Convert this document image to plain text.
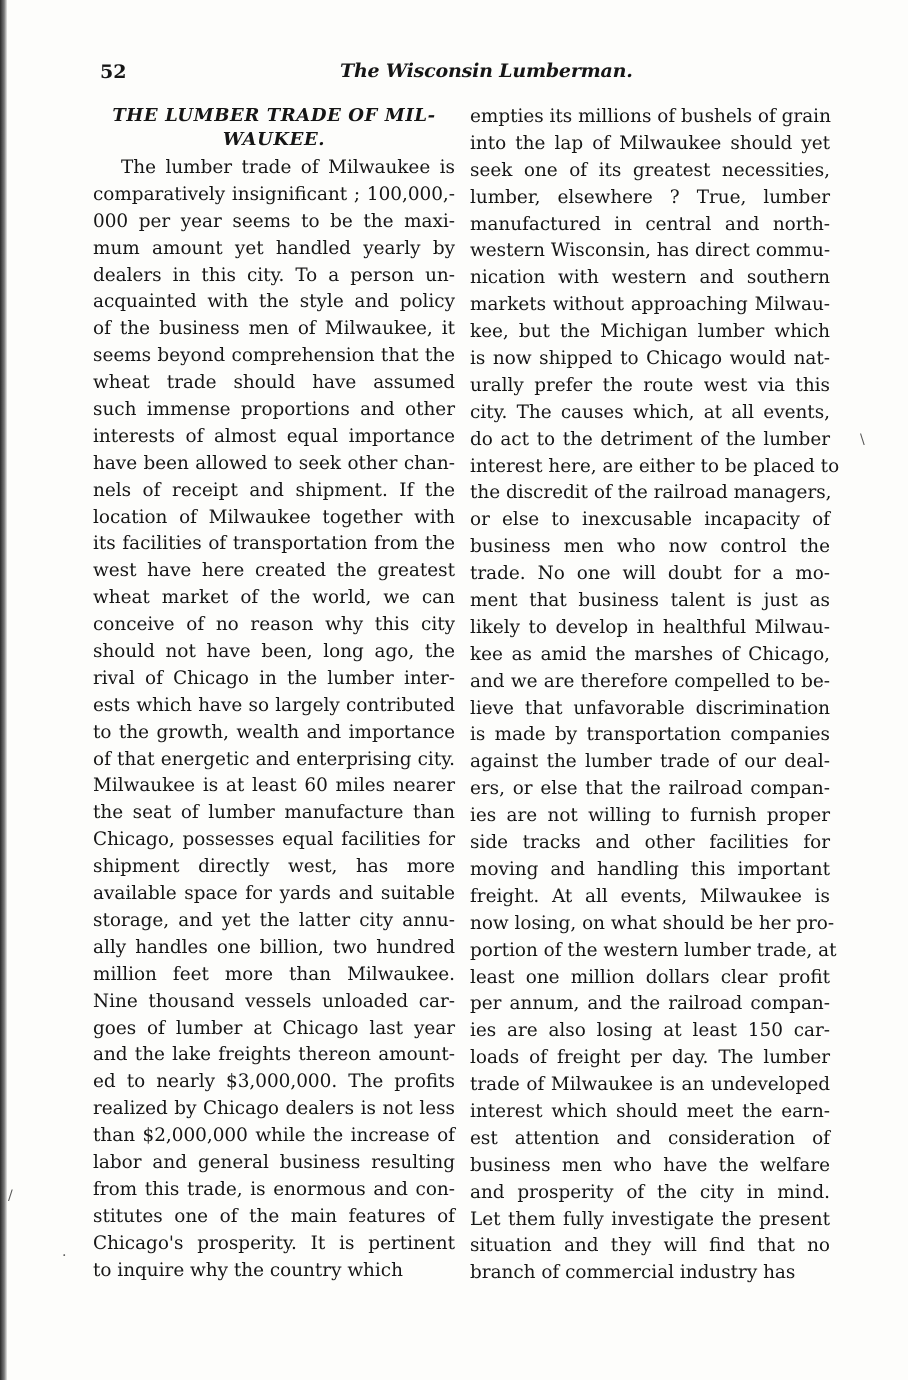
52	The Wisconsin Lumberman.
THE LUMBER TRADE OF MIL-
WAUKEE.
The lumber trade of Milwaukee is
comparatively insignificant ; 100,000,-
000 per year seems to be the maxi-
mum amount yet handled yearly by
dealers in this city. To a person un-
acquainted with the style and policy
of the business men of Milwaukee, it
seems beyond comprehension that the
wheat trade should have assumed
such immense proportions and other
interests of almost equal importance
have been allowed to seek other chan-
nels of receipt and shipment. If the
location of Milwaukee together with
its facilities of transportation from the
west have here created the greatest
wheat market of the world, we can
conceive of no reason why this city
should not have been, long ago, the
rival of Chicago in the lumber inter-
ests which have so largely contributed
to the growth, wealth and importance
of that energetic and enterprising city.
Milwaukee is at least 60 miles nearer
the seat of lumber manufacture than
Chicago, possesses equal facilities for
shipment directly west, has more
available space for yards and suitable
storage, and yet the latter city annu-
ally handles one billion, two hundred
million feet more than Milwaukee.
Nine thousand vessels unloaded car-
goes of lumber at Chicago last year
and the lake freights thereon amount-
ed to nearly $3,000,000. The profits
realized by Chicago dealers is not less
than $2,000,000 while the increase of
labor and general business resulting
from this trade, is enormous and con-
stitutes one of the main features of
Chicago's prosperity. It is pertinent
to inquire why the country which
empties its millions of bushels of grain
into the lap of Milwaukee should yet
seek one of its greatest necessities,
lumber, elsewhere ? True, lumber
manufactured in central and north-
western Wisconsin, has direct commu-
nication with western and southern
markets without approaching Milwau-
kee, but the Michigan lumber which
is now shipped to Chicago would nat-
urally prefer the route west via this
city. The causes which, at all events,
do act to the detriment of the lumber
interest here, are either to be placed to
the discredit of the railroad managers,
or else to inexcusable incapacity of
business men who now control the
trade. No one will doubt for a mo-
ment that business talent is just as
likely to develop in healthful Milwau-
kee as amid the marshes of Chicago,
and we are therefore compelled to be-
lieve that unfavorable discrimination
is made by transportation companies
against the lumber trade of our deal-
ers, or else that the railroad compan-
ies are not willing to furnish proper
side tracks and other facilities for
moving and handling this important
freight. At all events, Milwaukee is
now losing, on what should be her pro-
portion of the western lumber trade, at
least one million dollars clear profit
per annum, and the railroad compan-
ies are also losing at least 150 car-
loads of freight per day. The lumber
trade of Milwaukee is an undeveloped
interest which should meet the earn-
est attention and consideration of
business men who have the welfare
and prosperity of the city in mind.
Let them fully investigate the present
situation and they will find that no
branch of commercial industry has
\
/
.
